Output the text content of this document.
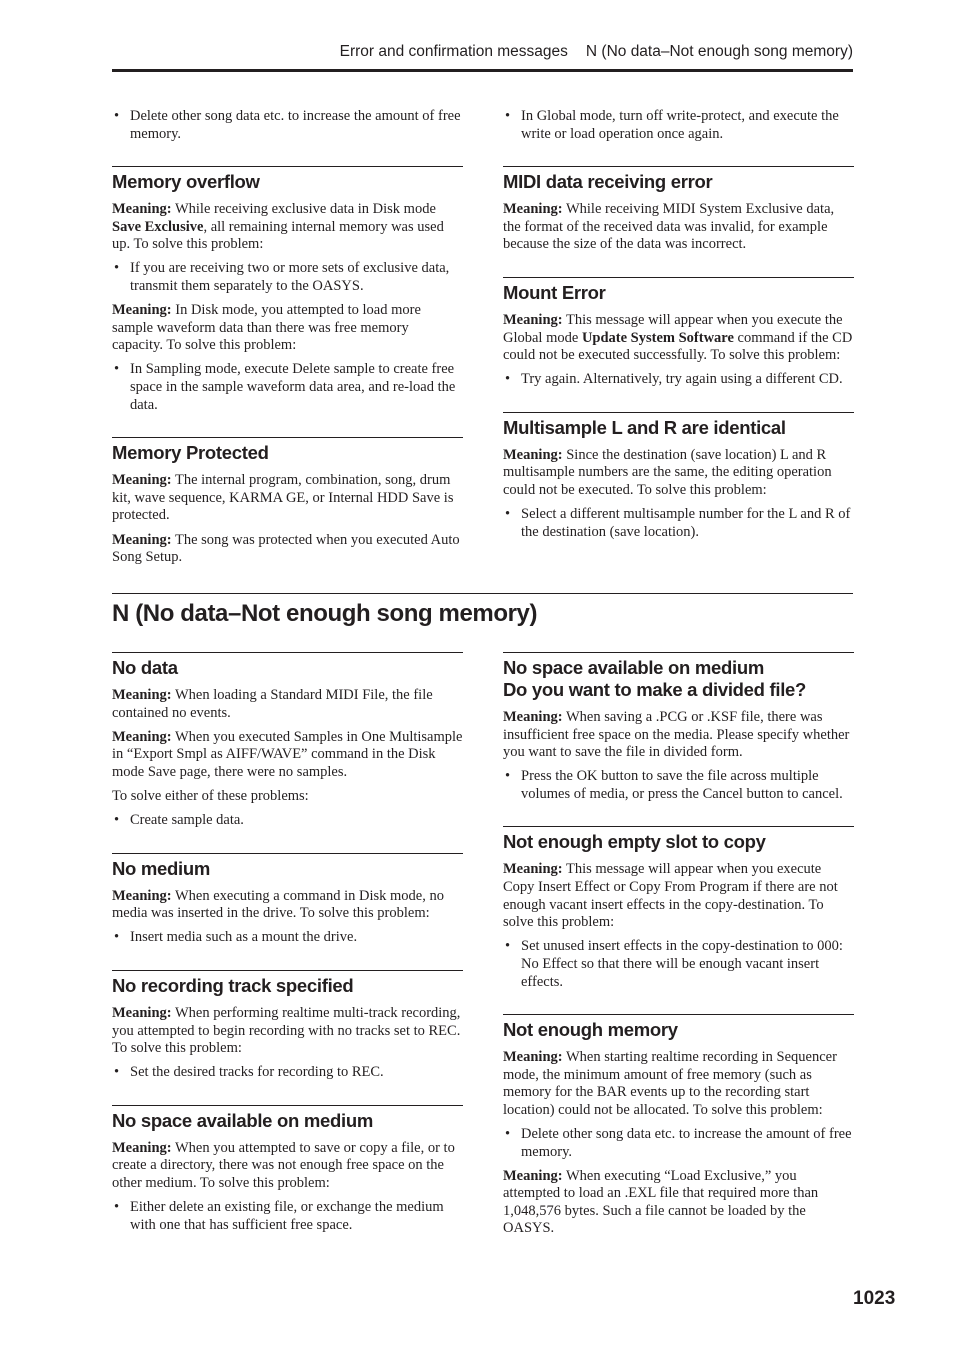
Error and confirmation messages N (No data–Not enough song memory)
• Delete other song data etc. to increase the amount of free memory.
Memory overflow

Meaning: While receiving exclusive data in Disk mode Save Exclusive, all remaining internal memory was used up. To solve this problem:

• If you are receiving two or more sets of exclusive data, transmit them separately to the OASYS.

Meaning: In Disk mode, you attempted to load more sample waveform data than there was free memory capacity. To solve this problem:

• In Sampling mode, execute Delete sample to create free space in the sample waveform data area, and re-load the data.
Memory Protected

Meaning: The internal program, combination, song, drum kit, wave sequence, KARMA GE, or Internal HDD Save is protected.

Meaning: The song was protected when you executed Auto Song Setup.

• In Global mode, turn off write-protect, and execute the write or load operation once again.
MIDI data receiving error

Meaning: While receiving MIDI System Exclusive data, the format of the received data was invalid, for example because the size of the data was incorrect.

Mount Error

Meaning: This message will appear when you execute the Global mode Update System Software command if the CD could not be executed successfully. To solve this problem:

• Try again. Alternatively, try again using a different CD.
Multisample L and R are identical

Meaning: Since the destination (save location) L and R multisample numbers are the same, the editing operation could not be executed. To solve this problem:

• Select a different multisample number for the L and R of the destination (save location).
N (No data–Not enough song memory)
No data

Meaning: When loading a Standard MIDI File, the file contained no events.

Meaning: When you executed Samples in One Multisample in “Export Smpl as AIFF/WAVE” command in the Disk mode Save page, there were no samples.

To solve either of these problems:

• Create sample data.
No medium

Meaning: When executing a command in Disk mode, no media was inserted in the drive. To solve this problem:

• Insert media such as a mount the drive.
No recording track specified

Meaning: When performing realtime multi-track recording, you attempted to begin recording with no tracks set to REC. To solve this problem:

• Set the desired tracks for recording to REC.
No space available on medium

Meaning: When you attempted to save or copy a file, or to create a directory, there was not enough free space on the other medium. To solve this problem:

• Either delete an existing file, or exchange the medium with one that has sufficient free space.
No space available on medium
Do you want to make a divided file?

Meaning: When saving a .PCG or .KSF file, there was insufficient free space on the media. Please specify whether you want to save the file in divided form.

• Press the OK button to save the file across multiple volumes of media, or press the Cancel button to cancel.
Not enough empty slot to copy

Meaning: This message will appear when you execute Copy Insert Effect or Copy From Program if there are not enough vacant insert effects in the copy-destination. To solve this problem:

• Set unused insert effects in the copy-destination to 000: No Effect so that there will be enough vacant insert effects.
Not enough memory

Meaning: When starting realtime recording in Sequencer mode, the minimum amount of free memory (such as memory for the BAR events up to the recording start location) could not be allocated. To solve this problem:

• Delete other song data etc. to increase the amount of free memory.

Meaning: When executing “Load Exclusive,” you attempted to load an .EXL file that required more than 1,048,576 bytes. Such a file cannot be loaded by the OASYS.

1023
